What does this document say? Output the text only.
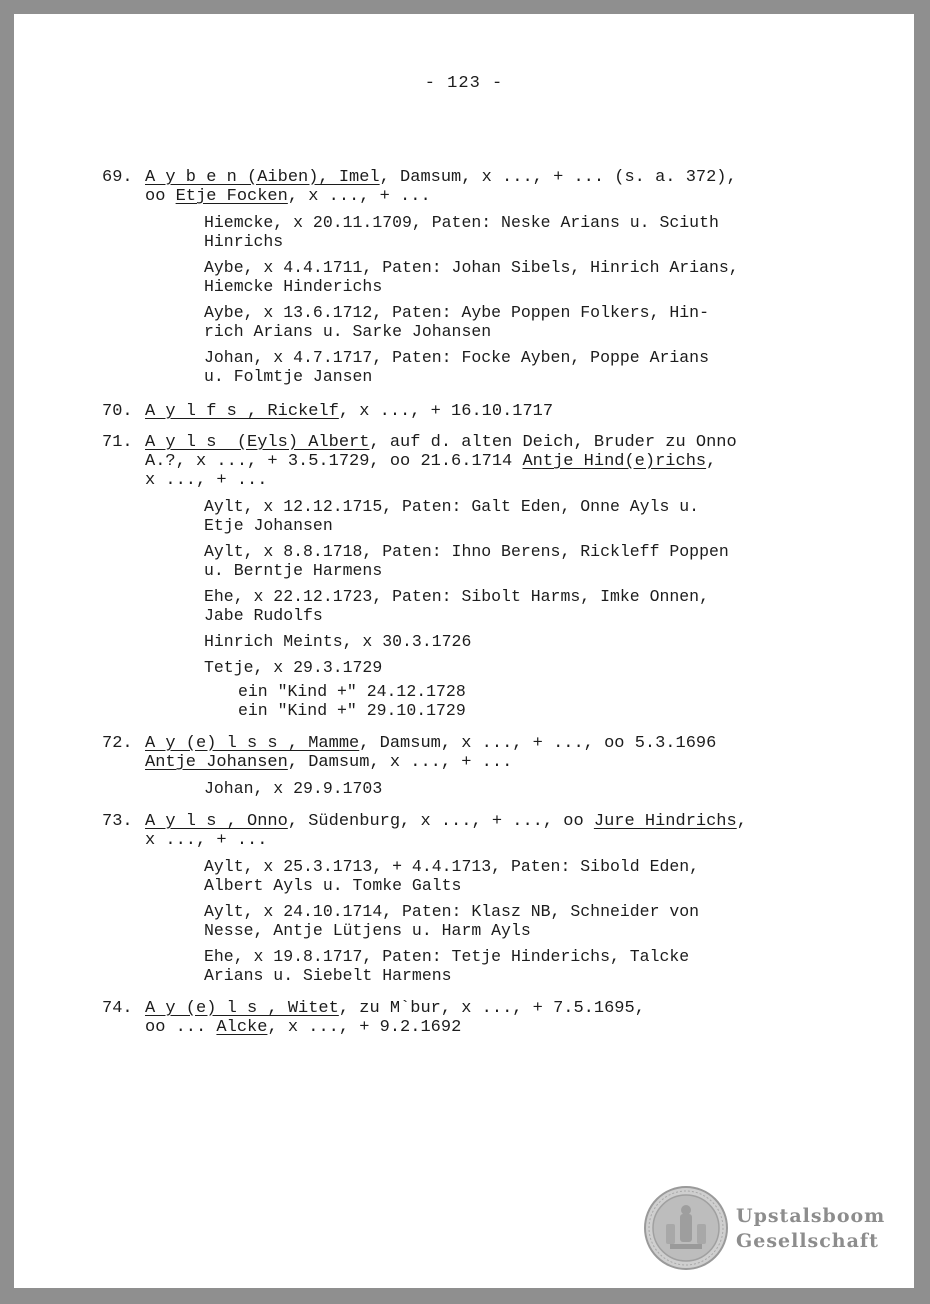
- 123 -
69. A y b e n (Aiben), Imel, Damsum, x ..., + ... (s. a. 372),
oo Etje Focken, x ..., + ...
Hiemcke, x 20.11.1709, Paten: Neske Arians u. Sciuth
Hinrichs
Aybe, x 4.4.1711, Paten: Johan Sibels, Hinrich Arians,
Hiemcke Hinderichs
Aybe, x 13.6.1712, Paten: Aybe Poppen Folkers, Hin-
rich Arians u. Sarke Johansen
Johan, x 4.7.1717, Paten: Focke Ayben, Poppe Arians
u. Folmtje Jansen
70. A y l f s , Rickelf, x ..., + 16.10.1717
71. A y l s  (Eyls) Albert, auf d. alten Deich, Bruder zu Onno
A.?, x ..., + 3.5.1729, oo 21.6.1714 Antje Hind(e)richs,
x ..., + ...
Aylt, x 12.12.1715, Paten: Galt Eden, Onne Ayls u.
Etje Johansen
Aylt, x 8.8.1718, Paten: Ihno Berens, Rickleff Poppen
u. Berntje Harmens
Ehe, x 22.12.1723, Paten: Sibolt Harms, Imke Onnen,
Jabe Rudolfs
Hinrich Meints, x 30.3.1726
Tetje, x 29.3.1729
ein "Kind +" 24.12.1728
ein "Kind +" 29.10.1729
72. A y (e) l s s , Mamme, Damsum, x ..., + ..., oo 5.3.1696
Antje Johansen, Damsum, x ..., + ...
Johan, x 29.9.1703
73. A y l s , Onno, Südenburg, x ..., + ..., oo Jure Hindrichs,
x ..., + ...
Aylt, x 25.3.1713, + 4.4.1713, Paten: Sibold Eden,
Albert Ayls u. Tomke Galts
Aylt, x 24.10.1714, Paten: Klasz NB, Schneider von
Nesse, Antje Lütjens u. Harm Ayls
Ehe, x 19.8.1717, Paten: Tetje Hinderichs, Talcke
Arians u. Siebelt Harmens
74. A y (e) l s , Witet, zu M`bur, x ..., + 7.5.1695,
oo ... Alcke, x ..., + 9.2.1692
Upstalsboom
Gesellschaft
